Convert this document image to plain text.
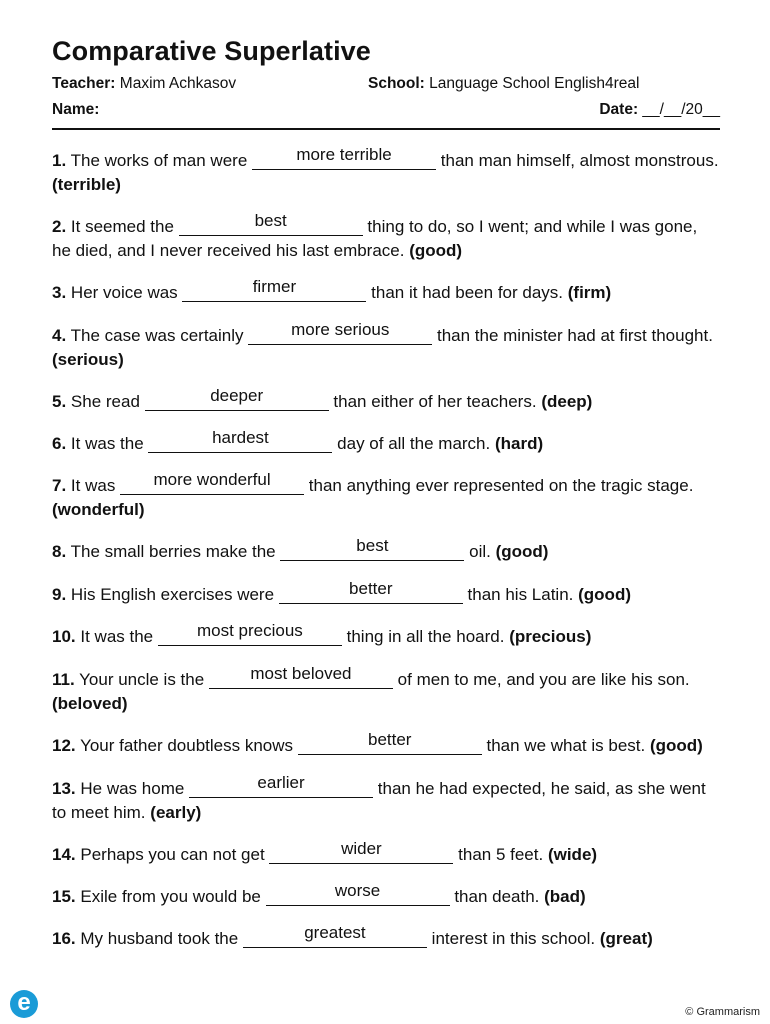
Comparative Superlative
Teacher: Maxim Achkasov	School: Language School English4real
Name:	Date: __/__/20__

1. The works of man were	more terrible	than man himself, almost monstrous. (terrible)

2. It seemed the	best	thing to do, so I went; and while I was gone, he died, and I never received his last embrace. (good)

3. Her voice was	firmer	than it had been for days. (firm)

4. The case was certainly	more serious	than the minister had at first thought. (serious)

5. She read	deeper	than either of her teachers. (deep)

6. It was the	hardest	day of all the march. (hard)

7. It was more wonderful than anything ever represented on the tragic stage. (wonderful)

8. The small berries make the	best	oil. (good)

9. His English exercises were	better	than his Latin. (good)

10. It was the	most precious	thing in all the hoard. (precious)

11. Your uncle is the	most beloved	of men to me, and you are like his son. (beloved)

12. Your father doubtless knows	better	than we what is best. (good)

13. He was home	earlier	than he had expected, he said, as she went to meet him. (early)

14. Perhaps you can not get	wider	than 5 feet. (wide)

15. Exile from you would be	worse	than death. (bad)

16. My husband took the	greatest	interest in this school. (great)

e	© Grammarism
